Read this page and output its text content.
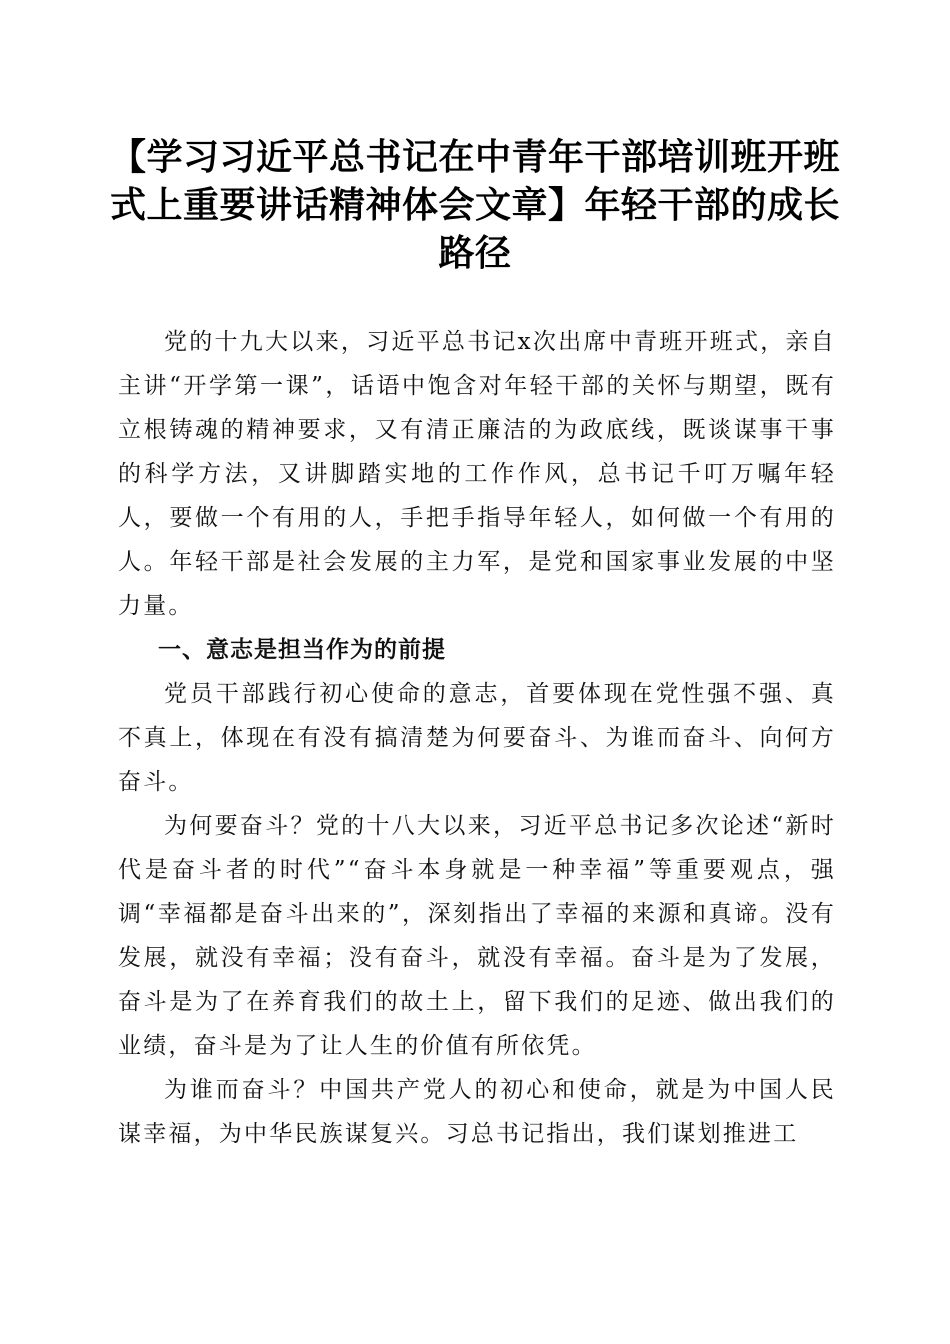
【学习习近平总书记在中青年干部培训班开班式上重要讲话精神体会文章】年轻干部的成长路径

党的十九大以来，习近平总书记x次出席中青班开班式，亲自主讲“开学第一课”，话语中饱含对年轻干部的关怀与期望，既有立根铸魂的精神要求，又有清正廉洁的为政底线，既谈谋事干事的科学方法，又讲脚踏实地的工作作风，总书记千叮万嘱年轻人，要做一个有用的人，手把手指导年轻人，如何做一个有用的人。年轻干部是社会发展的主力军，是党和国家事业发展的中坚力量。

一、意志是担当作为的前提

党员干部践行初心使命的意志，首要体现在党性强不强、真不真上，体现在有没有搞清楚为何要奋斗、为谁而奋斗、向何方奋斗。

为何要奋斗？党的十八大以来，习近平总书记多次论述“新时代是奋斗者的时代”“奋斗本身就是一种幸福”等重要观点，强调“幸福都是奋斗出来的”，深刻指出了幸福的来源和真谛。没有发展，就没有幸福；没有奋斗，就没有幸福。奋斗是为了发展，奋斗是为了在养育我们的故土上，留下我们的足迹、做出我们的业绩，奋斗是为了让人生的价值有所依凭。

为谁而奋斗？中国共产党人的初心和使命，就是为中国人民谋幸福，为中华民族谋复兴。习总书记指出，我们谋划推进工
